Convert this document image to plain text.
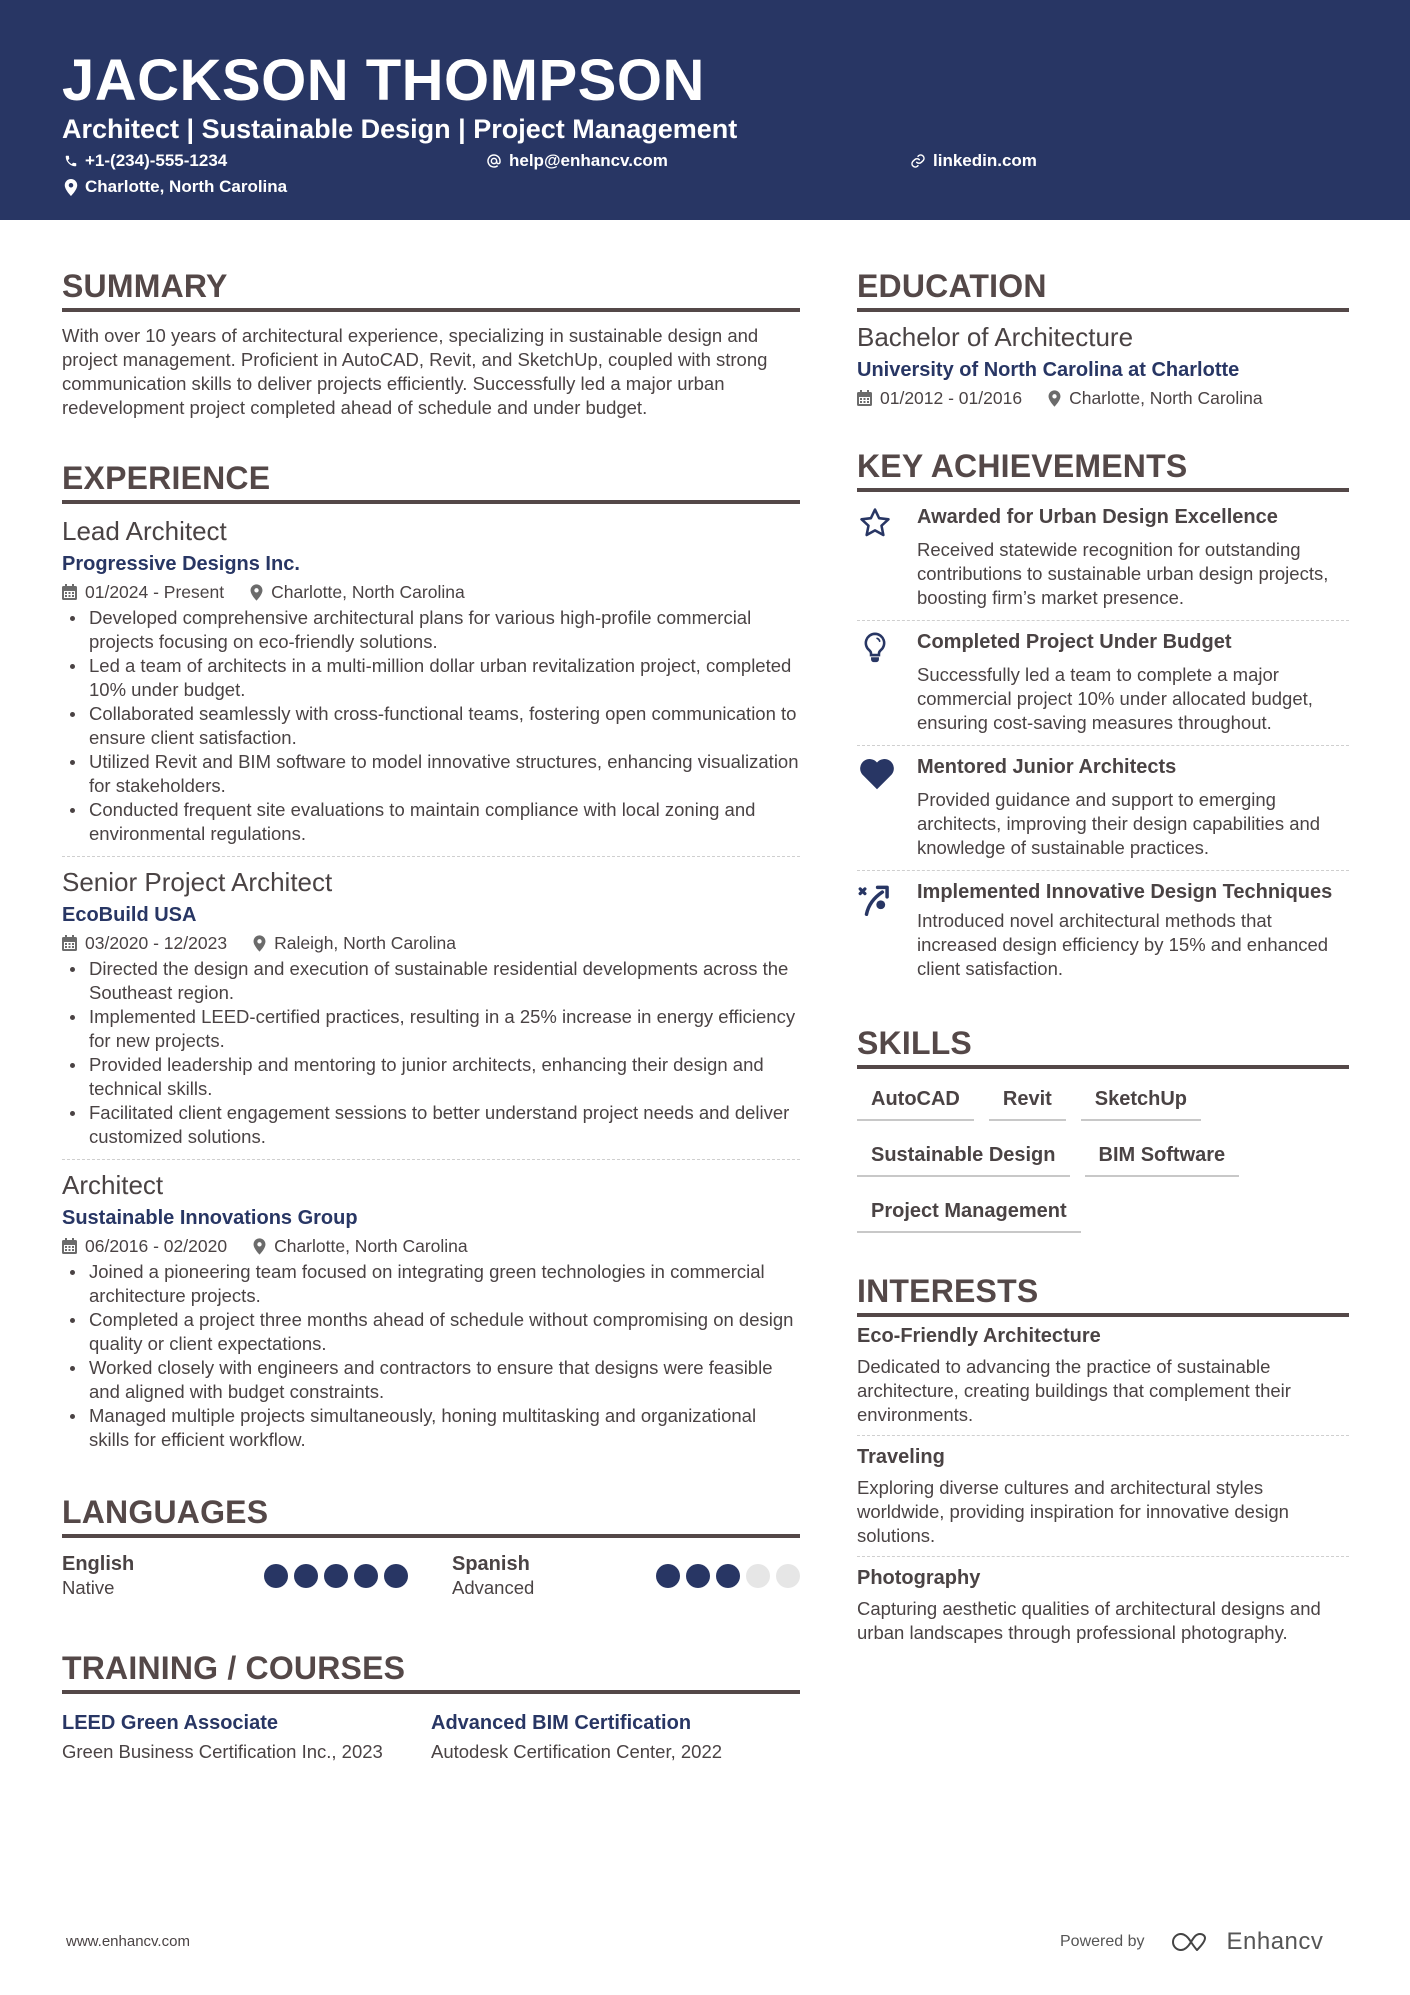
JACKSON THOMPSON
Architect | Sustainable Design | Project Management
+1-(234)-555-1234	help@enhancv.com	linkedin.com
Charlotte, North Carolina
SUMMARY

With over 10 years of architectural experience, specializing in sustainable design and project management. Proficient in AutoCAD, Revit, and SketchUp, coupled with strong communication skills to deliver projects efficiently. Successfully led a major urban redevelopment project completed ahead of schedule and under budget.

EXPERIENCE
Lead Architect
Progressive Designs Inc.
01/2024 - Present	Charlotte, North Carolina
Developed comprehensive architectural plans for various high-profile commercial projects focusing on eco-friendly solutions.
Led a team of architects in a multi-million dollar urban revitalization project, completed 10% under budget.
Collaborated seamlessly with cross-functional teams, fostering open communication to ensure client satisfaction.
Utilized Revit and BIM software to model innovative structures, enhancing visualization for stakeholders.
Conducted frequent site evaluations to maintain compliance with local zoning and environmental regulations.
Senior Project Architect
EcoBuild USA
03/2020 - 12/2023	Raleigh, North Carolina
Directed the design and execution of sustainable residential developments across the Southeast region.
Implemented LEED-certified practices, resulting in a 25% increase in energy efficiency for new projects.
Provided leadership and mentoring to junior architects, enhancing their design and technical skills.
Facilitated client engagement sessions to better understand project needs and deliver customized solutions.
Architect
Sustainable Innovations Group
06/2016 - 02/2020	Charlotte, North Carolina
Joined a pioneering team focused on integrating green technologies in commercial architecture projects.
Completed a project three months ahead of schedule without compromising on design quality or client expectations.
Worked closely with engineers and contractors to ensure that designs were feasible and aligned with budget constraints.
Managed multiple projects simultaneously, honing multitasking and organizational skills for efficient workflow.
LANGUAGES
English
Native
Spanish
Advanced
TRAINING / COURSES
LEED Green Associate
Green Business Certification Inc., 2023
Advanced BIM Certification
Autodesk Certification Center, 2022
EDUCATION
Bachelor of Architecture
University of North Carolina at Charlotte
01/2012 - 01/2016	Charlotte, North Carolina
KEY ACHIEVEMENTS
Awarded for Urban Design Excellence
Received statewide recognition for outstanding contributions to sustainable urban design projects, boosting firm’s market presence.
Completed Project Under Budget
Successfully led a team to complete a major commercial project 10% under allocated budget, ensuring cost-saving measures throughout.
Mentored Junior Architects
Provided guidance and support to emerging architects, improving their design capabilities and knowledge of sustainable practices.
Implemented Innovative Design Techniques
Introduced novel architectural methods that increased design efficiency by 15% and enhanced client satisfaction.
SKILLS
AutoCAD	Revit	SketchUp
Sustainable Design	BIM Software
Project Management
INTERESTS
Eco-Friendly Architecture
Dedicated to advancing the practice of sustainable architecture, creating buildings that complement their environments.
Traveling
Exploring diverse cultures and architectural styles worldwide, providing inspiration for innovative design solutions.
Photography
Capturing aesthetic qualities of architectural designs and urban landscapes through professional photography.
www.enhancv.com	Powered by	Enhancv
